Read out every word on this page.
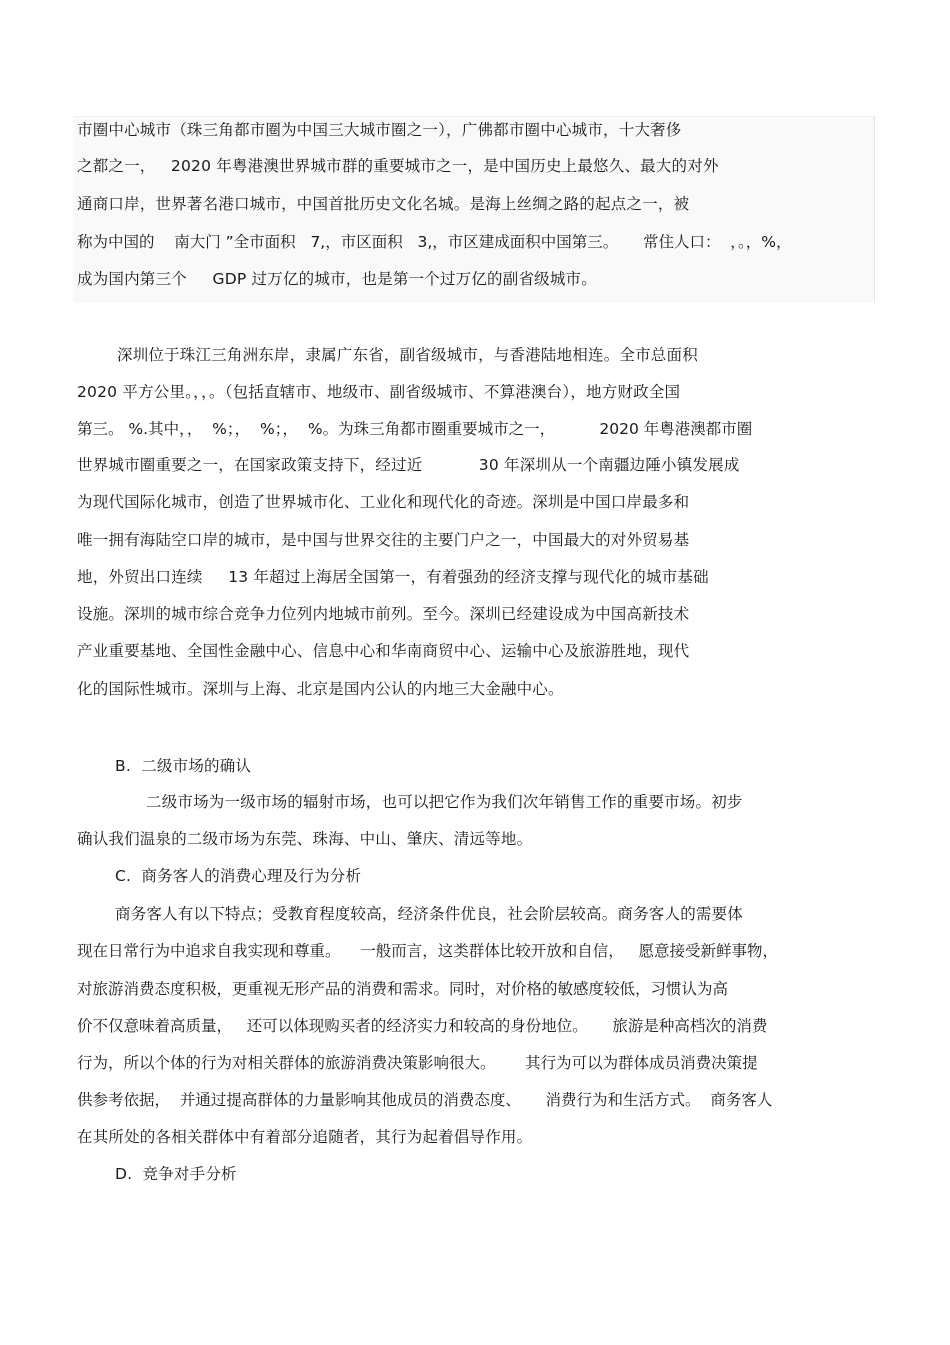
市圈中心城市（珠三角都市圈为中国三大城市圈之一），广佛都市圈中心城市，十大奢侈
之都之一，   2020 年粤港澳世界城市群的重要城市之一，是中国历史上最悠久、最大的对外
通商口岸，世界著名港口城市，中国首批历史文化名城。是海上丝绸之路的起点之一，被
称为中国的    南大门 ”全市面积   7,，市区面积   3,，市区建成面积中国第三。     常住人口：  ，。，%，
成为国内第三个     GDP 过万亿的城市，也是第一个过万亿的副省级城市。
深圳位于珠江三角洲东岸，隶属广东省，副省级城市，与香港陆地相连。全市总面积
2020 平方公里。，，。（包括直辖市、地级市、副省级城市、不算港澳台），地方财政全国
第三。 %.其中，，  %；，  %；，  %。为珠三角都市圈重要城市之一，         2020 年粤港澳都市圈
世界城市圈重要之一，在国家政策支持下，经过近           30 年深圳从一个南疆边陲小镇发展成
为现代国际化城市，创造了世界城市化、工业化和现代化的奇迹。深圳是中国口岸最多和
唯一拥有海陆空口岸的城市，是中国与世界交往的主要门户之一，中国最大的对外贸易基
地，外贸出口连续     13 年超过上海居全国第一，有着强劲的经济支撑与现代化的城市基础
设施。深圳的城市综合竞争力位列内地城市前列。至今。深圳已经建设成为中国高新技术
产业重要基地、全国性金融中心、信息中心和华南商贸中心、运输中心及旅游胜地，现代
化的国际性城市。深圳与上海、北京是国内公认的内地三大金融中心。
B.  二级市场的确认
二级市场为一级市场的辐射市场，也可以把它作为我们次年销售工作的重要市场。初步
确认我们温泉的二级市场为东莞、珠海、中山、肇庆、清远等地。
C.  商务客人的消费心理及行为分析
商务客人有以下特点；受教育程度较高，经济条件优良，社会阶层较高。商务客人的需要体
现在日常行为中追求自我实现和尊重。    一般而言，这类群体比较开放和自信，   愿意接受新鲜事物，
对旅游消费态度积极，更重视无形产品的消费和需求。同时，对价格的敏感度较低，习惯认为高
价不仅意味着高质量，   还可以体现购买者的经济实力和较高的身份地位。     旅游是种高档次的消费
行为，所以个体的行为对相关群体的旅游消费决策影响很大。      其行为可以为群体成员消费决策提
供参考依据，  并通过提高群体的力量影响其他成员的消费态度、     消费行为和生活方式。  商务客人
在其所处的各相关群体中有着部分追随者，其行为起着倡导作用。
D.  竞争对手分析
